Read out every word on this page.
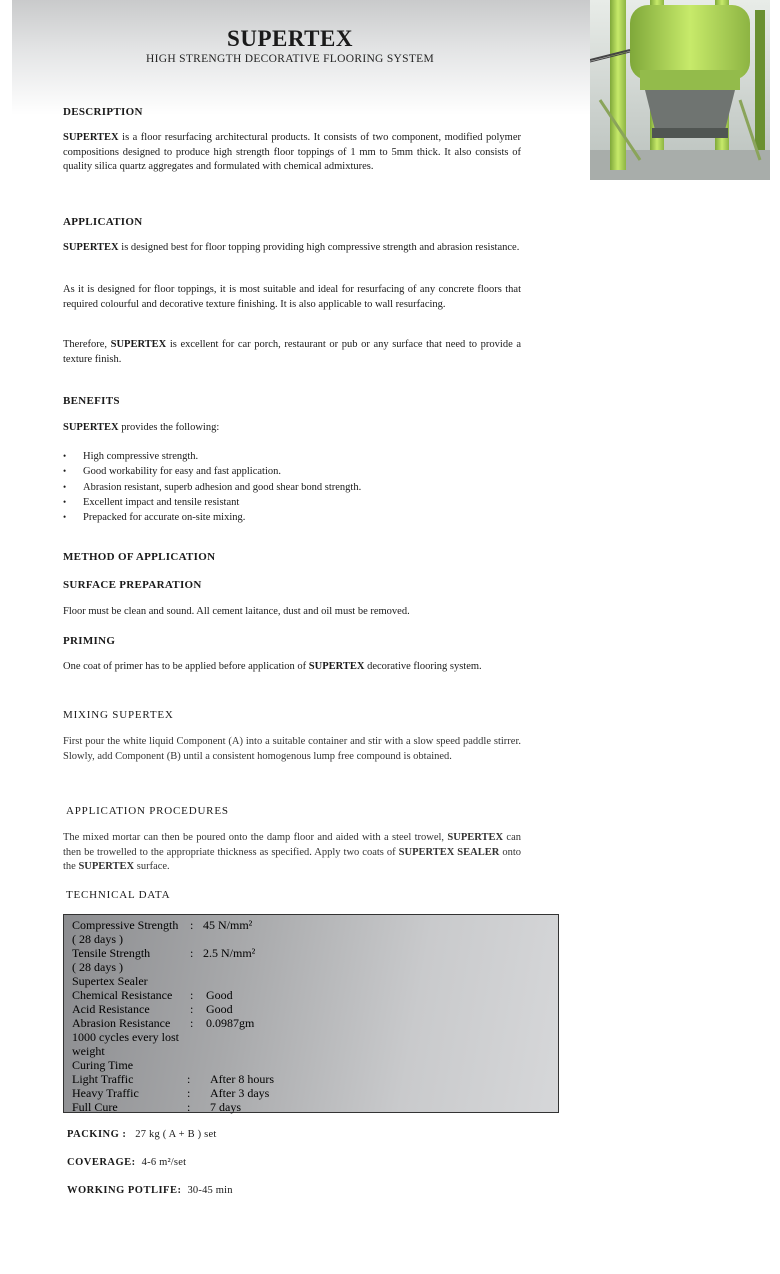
SUPERTEX
HIGH STRENGTH DECORATIVE FLOORING SYSTEM
DESCRIPTION
SUPERTEX is a floor resurfacing architectural products. It consists of two component, modified polymer compositions designed to produce high strength floor toppings of 1 mm to 5mm thick. It also consists of quality silica quartz aggregates and formulated with chemical admixtures.
APPLICATION
SUPERTEX is designed best for floor topping providing high compressive strength and abrasion resistance.
As it is designed for floor toppings, it is most suitable and ideal for resurfacing of any concrete floors that required colourful and decorative texture finishing. It is also applicable to wall resurfacing.
Therefore, SUPERTEX is excellent for car porch, restaurant or pub or any surface that need to provide a texture finish.
BENEFITS
SUPERTEX provides the following:
• High compressive strength.
• Good workability for easy and fast application.
• Abrasion resistant, superb adhesion and good shear bond strength.
• Excellent impact and tensile resistant
• Prepacked for accurate on-site mixing.
METHOD OF APPLICATION
SURFACE PREPARATION
Floor must be clean and sound. All cement laitance, dust and oil must be removed.
PRIMING
One coat of primer has to be applied before application of SUPERTEX decorative flooring system.
MIXING SUPERTEX
First pour the white liquid Component (A) into a suitable container and stir with a slow speed paddle stirrer. Slowly, add Component (B) until a consistent homogenous lump free compound is obtained.
APPLICATION PROCEDURES
The mixed mortar can then be poured onto the damp floor and aided with a steel trowel, SUPERTEX can then be trowelled to the appropriate thickness as specified. Apply two coats of SUPERTEX SEALER onto the SUPERTEX surface.
TECHNICAL DATA
Compressive Strength : 45 N/mm²
( 28 days )
Tensile Strength	: 2.5 N/mm²
( 28 days )
Supertex Sealer
Chemical Resistance : Good
Acid Resistance	: Good
Abrasion Resistance : 0.0987gm
1000 cycles every lost
weight
Curing Time
Light Traffic	: After 8 hours
Heavy Traffic	: After 3 days
Full Cure	: 7 days
PACKING : 27 kg ( A + B ) set
COVERAGE: 4-6 m²/set
WORKING POTLIFE: 30-45 min
